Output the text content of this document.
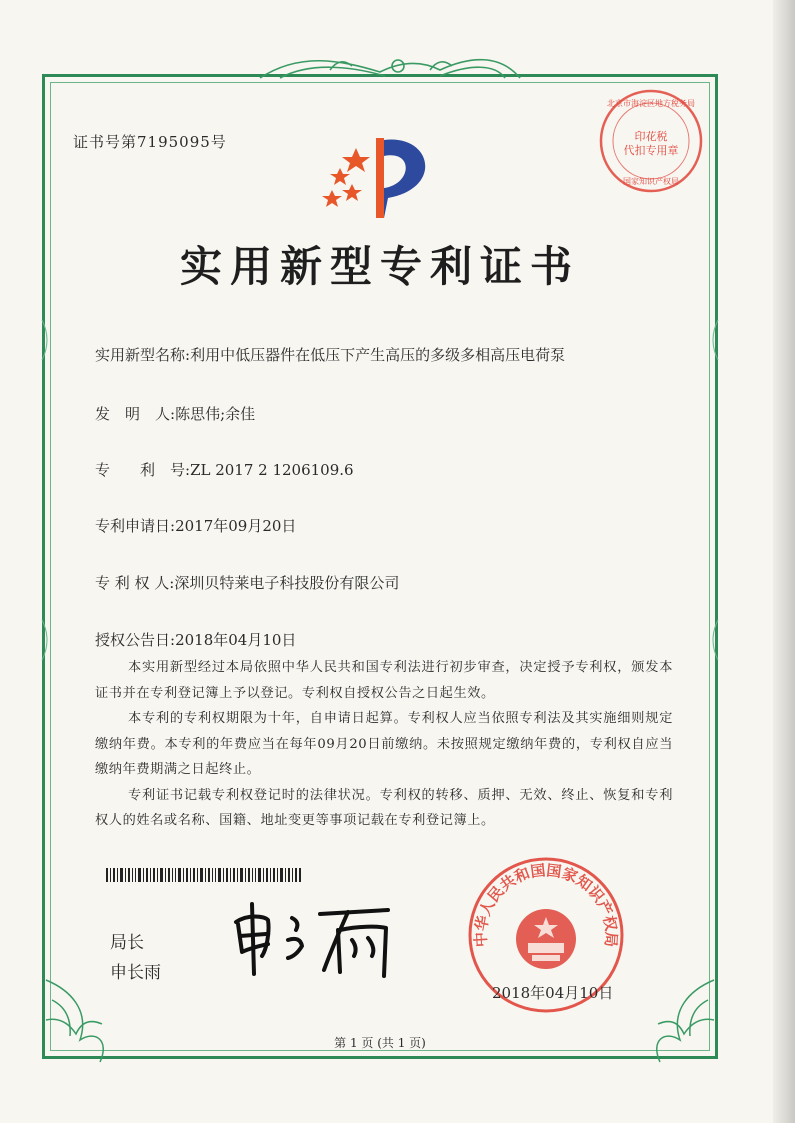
证书号第7195095号

北京市海淀区地方税务局
印花税
代扣专用章
国家知识产权局
实用新型专利证书

实用新型名称:利用中低压器件在低压下产生高压的多级多相高压电荷泵

发　明　人:陈思伟;余佳

专　　利　号:ZL 2017 2 1206109.6

专利申请日:2017年09月20日

专 利 权 人:深圳贝特莱电子科技股份有限公司

授权公告日:2018年04月10日

本实用新型经过本局依照中华人民共和国专利法进行初步审查，决定授予专利权，颁发本证书并在专利登记簿上予以登记。专利权自授权公告之日起生效。

本专利的专利权期限为十年，自申请日起算。专利权人应当依照专利法及其实施细则规定缴纳年费。本专利的年费应当在每年09月20日前缴纳。未按照规定缴纳年费的，专利权自应当缴纳年费期满之日起终止。

专利证书记载专利权登记时的法律状况。专利权的转移、质押、无效、终止、恢复和专利权人的姓名或名称、国籍、地址变更等事项记载在专利登记簿上。

局长

申长雨

中华人民共和国国家知识产权局

2018年04月10日

第 1 页 (共 1 页)
